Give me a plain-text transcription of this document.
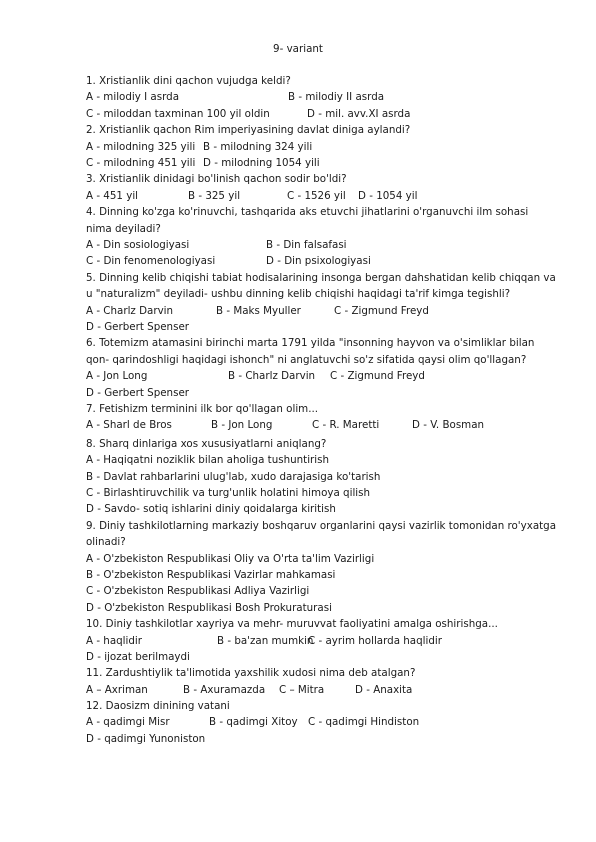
9- variant
1. Xristianlik dini qachon vujudga keldi?
A - milodiy I asrda	B - milodiy II asrda
C - miloddan taxminan 100 yil oldin	D - mil. avv.XI asrda
2. Xristianlik qachon Rim imperiyasining davlat diniga aylandi?
A - milodning 325 yili B - milodning 324 yili
C - milodning 451 yili D - milodning 1054 yili
3. Xristianlik dinidagi bo'linish qachon sodir bo'ldi?
A - 451 yil	B - 325 yil	C - 1526 yil D - 1054 yil
4. Dinning ko'zga ko'rinuvchi, tashqarida aks etuvchi jihatlarini o'rganuvchi ilm sohasi nima deyiladi?
A - Din sosiologiyasi	B - Din falsafasi
C - Din fenomenologiyasi	D - Din psixologiyasi
5. Dinning kelib chiqishi tabiat hodisalarining insonga bergan dahshatidan kelib chiqqan va u "naturalizm" deyiladi- ushbu dinning kelib chiqishi haqidagi ta'rif kimga tegishli?
A - Charlz Darvin	B - Maks Myuller	C - Zigmund Freyd
D - Gerbert Spenser
6. Totemizm atamasini birinchi marta 1791 yilda "insonning hayvon va o'simliklar bilan qon- qarindoshligi haqidagi ishonch" ni anglatuvchi so'z sifatida qaysi olim qo'llagan?
A - Jon Long	B - Charlz Darvin C - Zigmund Freyd
D - Gerbert Spenser
7. Fetishizm terminini ilk bor qo'llagan olim...
A - Sharl de Bros	B - Jon Long	C - R. Maretti	D - V. Bosman
8. Sharq dinlariga xos xususiyatlarni aniqlang?
A - Haqiqatni noziklik bilan aholiga tushuntirish
B - Davlat rahbarlarini ulug'lab, xudo darajasiga ko'tarish
C - Birlashtiruvchilik va turg'unlik holatini himoya qilish
D - Savdo- sotiq ishlarini diniy qoidalarga kiritish
9. Diniy tashkilotlarning markaziy boshqaruv organlarini qaysi vazirlik tomonidan ro'yxatga olinadi?
A - O'zbekiston Respublikasi Oliy va O'rta ta'lim Vazirligi
B - O'zbekiston Respublikasi Vazirlar mahkamasi
C - O'zbekiston Respublikasi Adliya Vazirligi
D - O'zbekiston Respublikasi Bosh Prokuraturasi
10. Diniy tashkilotlar xayriya va mehr- muruvvat faoliyatini amalga oshirishga...
A - haqlidir	B - ba'zan mumkin
C - ayrim hollarda haqlidir
D - ijozat berilmaydi
11. Zardushtiylik ta'limotida yaxshilik xudosi nima deb atalgan?
A – Axriman	B - Axuramazda C – Mitra	D - Anaxita
12. Daosizm dinining vatani
A - qadimgi Misr	B - qadimgi Xitoy C - qadimgi Hindiston
D - qadimgi Yunoniston
